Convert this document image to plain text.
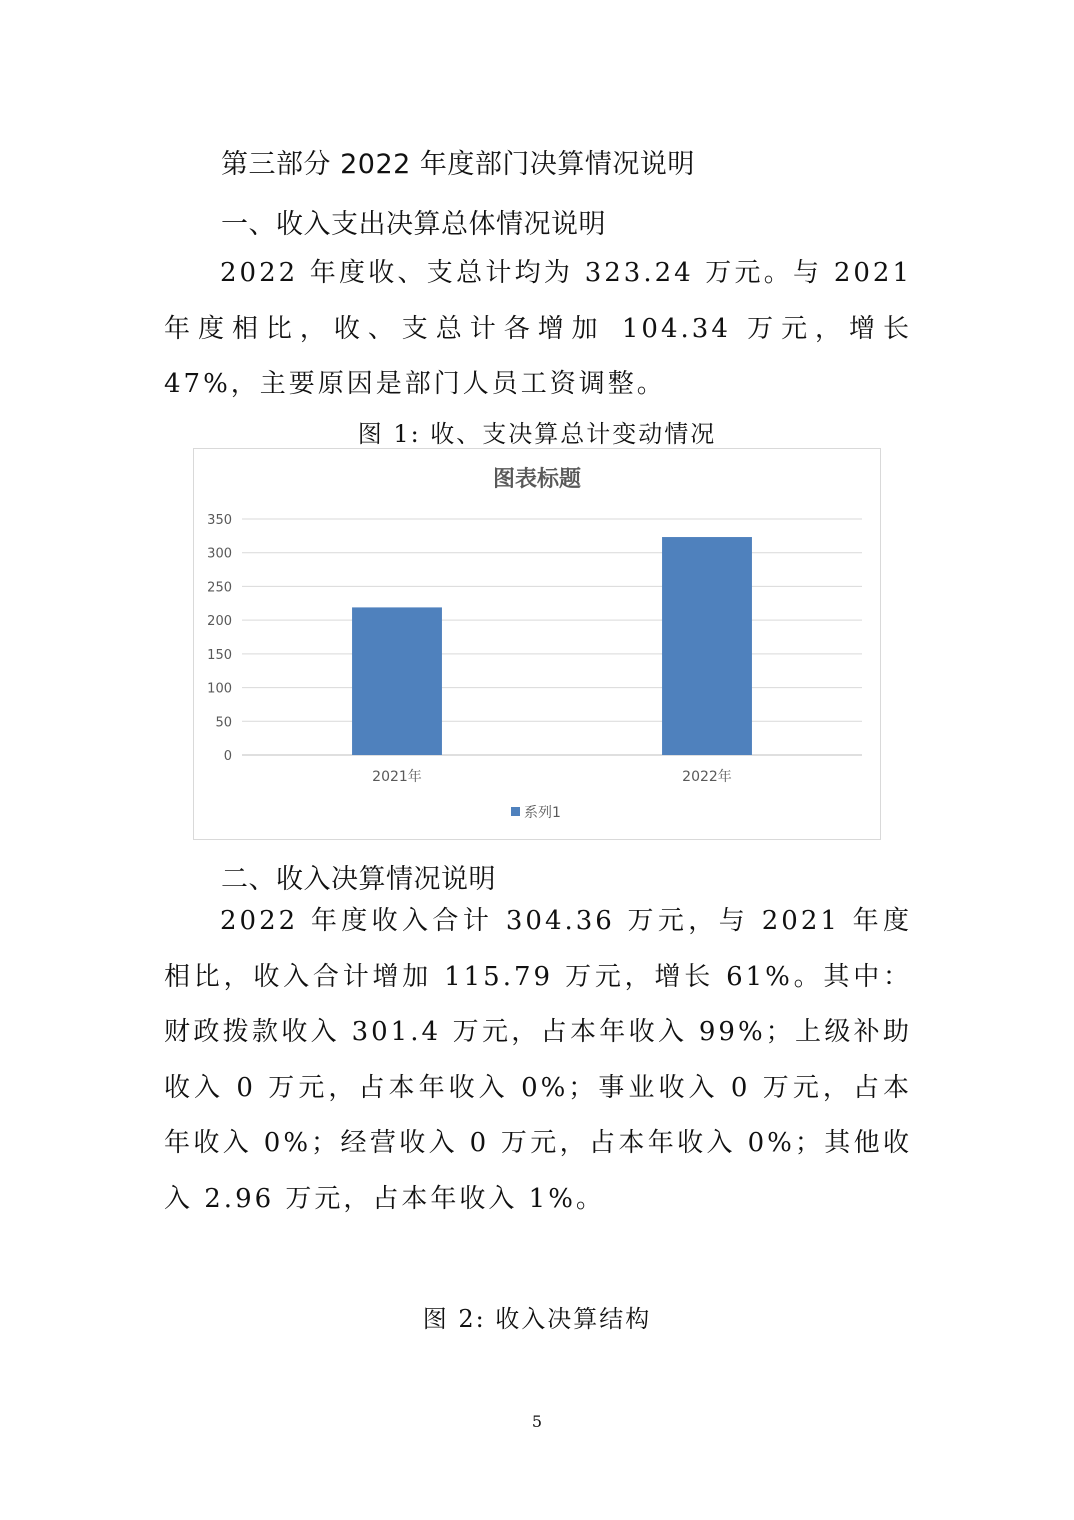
第三部分 2022 年度部门决算情况说明
一、收入支出决算总体情况说明

2022 年度收、支总计均为 323.24 万元。与 2021 年度相比，收、支总计各增加 104.34 万元，增长 47%，主要原因是部门人员工资调整。

图 1: 收、支决算总计变动情况
图表标题
0
50
100
150
200
250
300
350
2021年	2022年
系列1
二、收入决算情况说明

2022 年度收入合计 304.36 万元，与 2021 年度相比，收入合计增加 115.79 万元，增长 61%。其中：财政拨款收入 301.4 万元，占本年收入 99%；上级补助收入 0 万元，占本年收入 0%；事业收入 0 万元，占本年收入 0%；经营收入 0 万元，占本年收入 0%；其他收入 2.96 万元，占本年收入 1%。

图 2: 收入决算结构
5
